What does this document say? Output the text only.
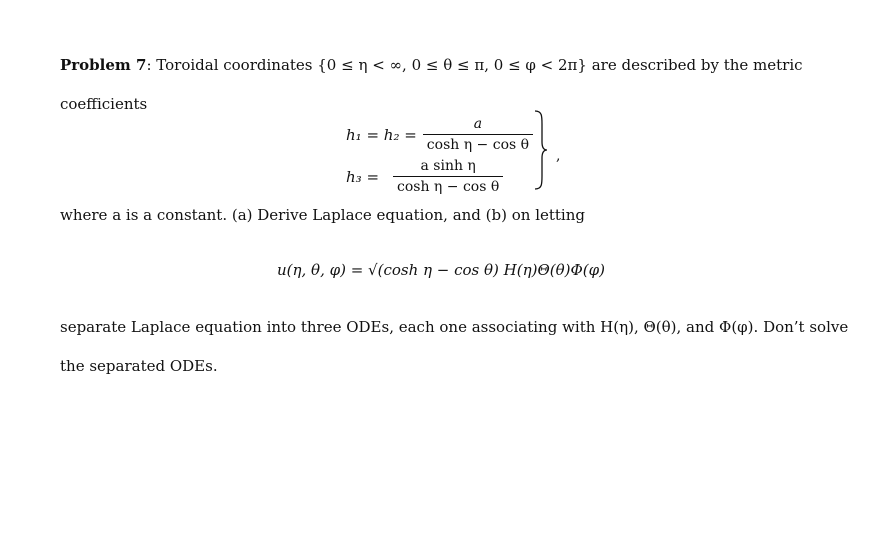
Problem 7: Toroidal coordinates {0 ≤ η < ∞, 0 ≤ θ ≤ π, 0 ≤ φ < 2π} are described by the metric
coefficients
$h_1 = h_2 = \frac{a}{\text{cosh η − cos θ}}$
$h_3 = \frac{\text{a sinh η}}{\text{cosh η − cos θ}}$
,
where a is a constant. (a) Derive Laplace equation, and (b) on letting
u(η, θ, φ) = √(cosh η − cos θ) H(η)Θ(θ)Φ(φ)
separate Laplace equation into three ODEs, each one associating with H(η), Θ(θ), and Φ(φ). Don’t solve
the separated ODEs.
